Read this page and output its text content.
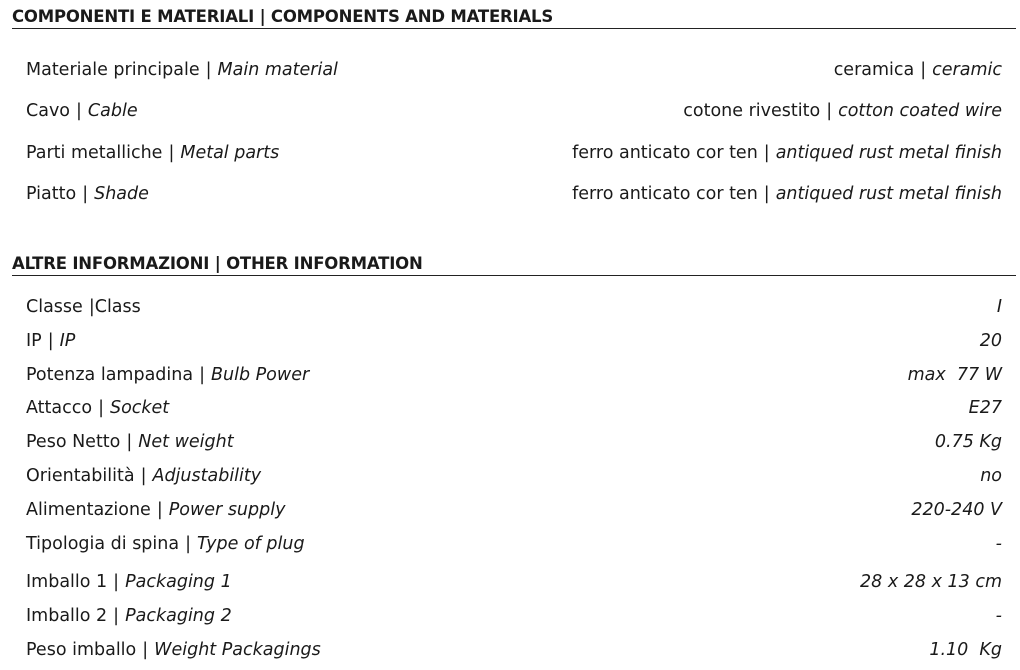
COMPONENTI E MATERIALI | COMPONENTS AND MATERIALS
Materiale principale | Main material	ceramica | ceramic
Cavo | Cable	cotone rivestito | cotton coated wire
Parti metalliche | Metal parts	ferro anticato cor ten | antiqued rust metal finish
Piatto | Shade	ferro anticato cor ten | antiqued rust metal finish
ALTRE INFORMAZIONI | OTHER INFORMATION
Classe |Class	I
IP | IP	20
Potenza lampadina | Bulb Power	max  77 W
Attacco | Socket	E27
Peso Netto | Net weight	0.75 Kg
Orientabilità | Adjustability	no
Alimentazione | Power supply	220-240 V
Tipologia di spina | Type of plug	-
Imballo 1 | Packaging 1	28 x 28 x 13 cm
Imballo 2 | Packaging 2	-
Peso imballo | Weight Packagings	1.10  Kg
